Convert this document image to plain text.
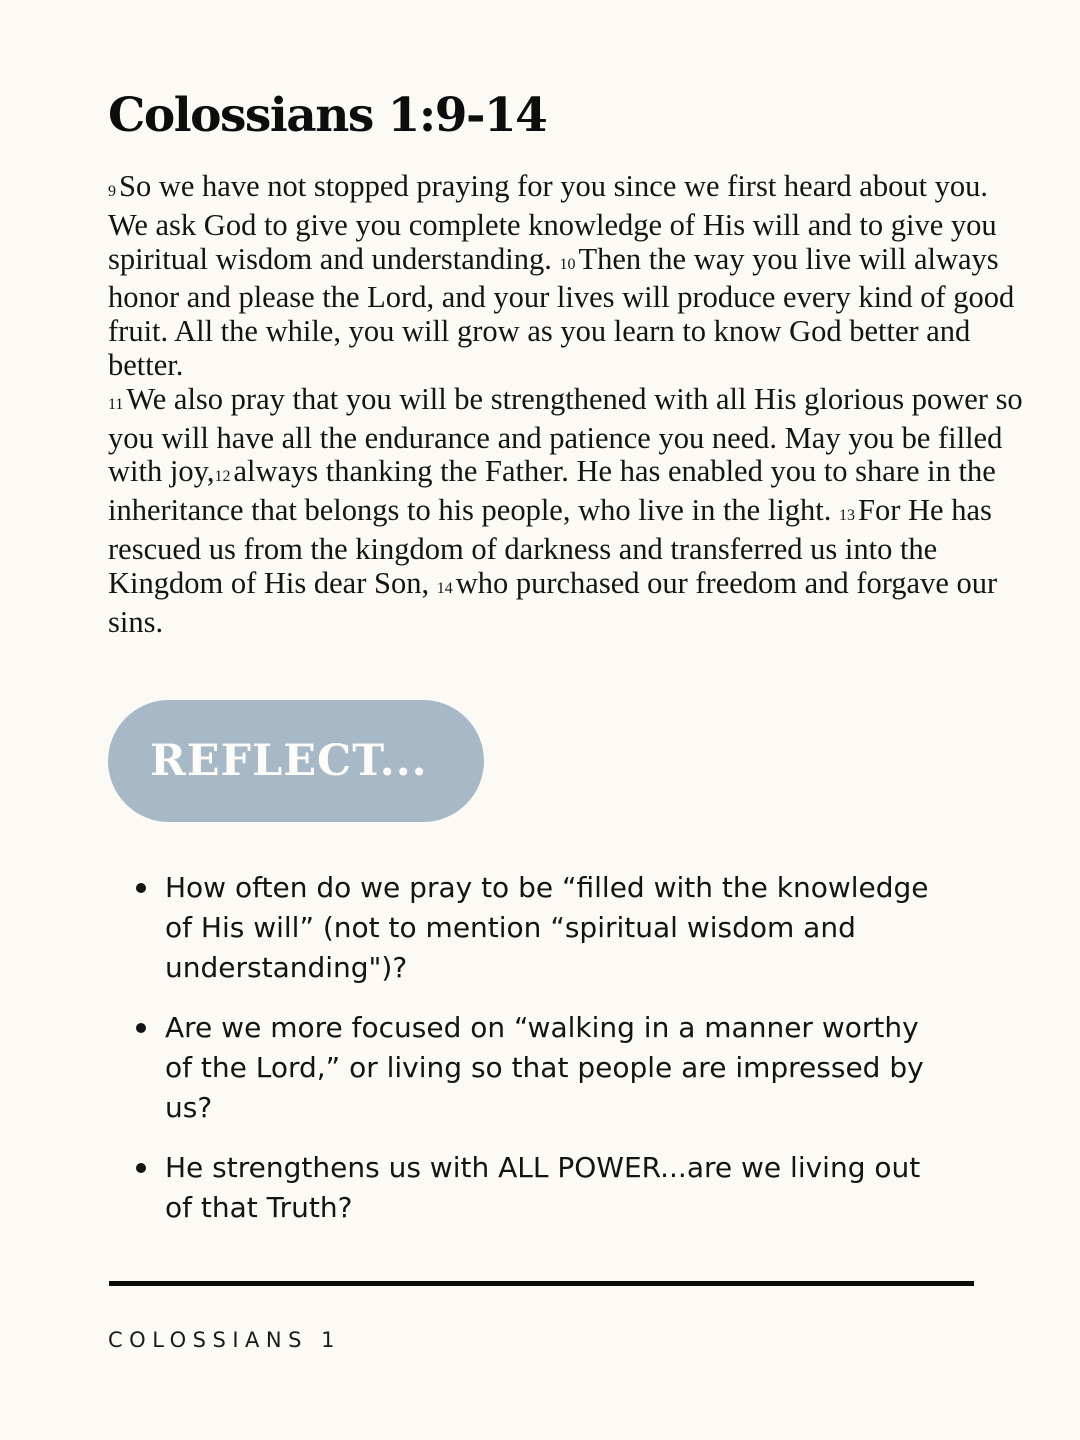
Colossians 1:9-14

9So we have not stopped praying for you since we first heard about you. We ask God to give you complete knowledge of His will and to give you spiritual wisdom and understanding. 10Then the way you live will always honor and please the Lord, and your lives will produce every kind of good fruit. All the while, you will grow as you learn to know God better and better.
11We also pray that you will be strengthened with all His glorious power so you will have all the endurance and patience you need. May you be filled with joy,12always thanking the Father. He has enabled you to share in the inheritance that belongs to his people, who live in the light. 13For He has rescued us from the kingdom of darkness and transferred us into the Kingdom of His dear Son, 14who purchased our freedom and forgave our sins.

REFLECT...
How often do we pray to be “filled with the knowledge of His will” (not to mention “spiritual wisdom and understanding")?
Are we more focused on “walking in a manner worthy of the Lord,” or living so that people are impressed by us?
He strengthens us with ALL POWER...are we living out of that Truth?
COLOSSIANS 1
